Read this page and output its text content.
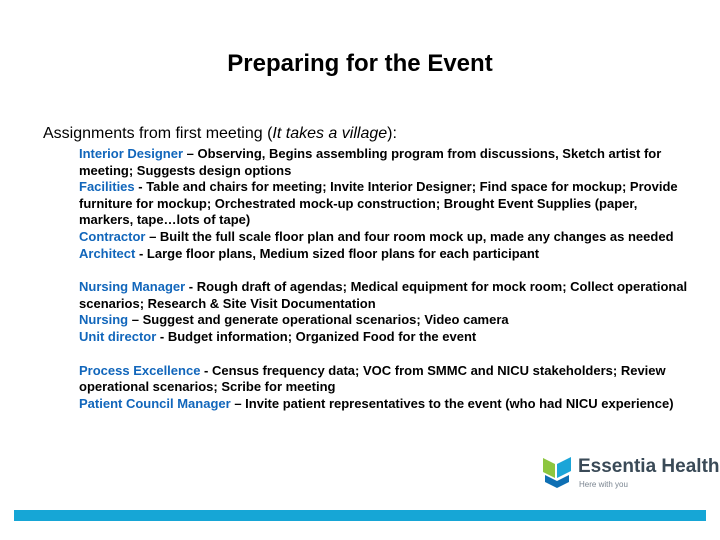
Preparing for the Event
Assignments from first meeting (It takes a village):

Interior Designer – Observing, Begins assembling program from discussions, Sketch artist for meeting; Suggests design options

Facilities - Table and chairs for meeting; Invite Interior Designer; Find space for mockup; Provide furniture for mockup; Orchestrated mock-up construction; Brought Event Supplies (paper, markers, tape…lots of tape)

Contractor – Built the full scale floor plan and four room mock up, made any changes as needed

Architect - Large floor plans, Medium sized floor plans for each participant

Nursing Manager - Rough draft of agendas; Medical equipment for mock room; Collect operational scenarios; Research & Site Visit Documentation

Nursing – Suggest and generate operational scenarios; Video camera

Unit director - Budget information; Organized Food for the event

Process Excellence - Census frequency data; VOC from SMMC and NICU stakeholders; Review operational scenarios; Scribe for meeting

Patient Council Manager – Invite patient representatives to the event (who had NICU experience)

Essentia Health
Here with you
